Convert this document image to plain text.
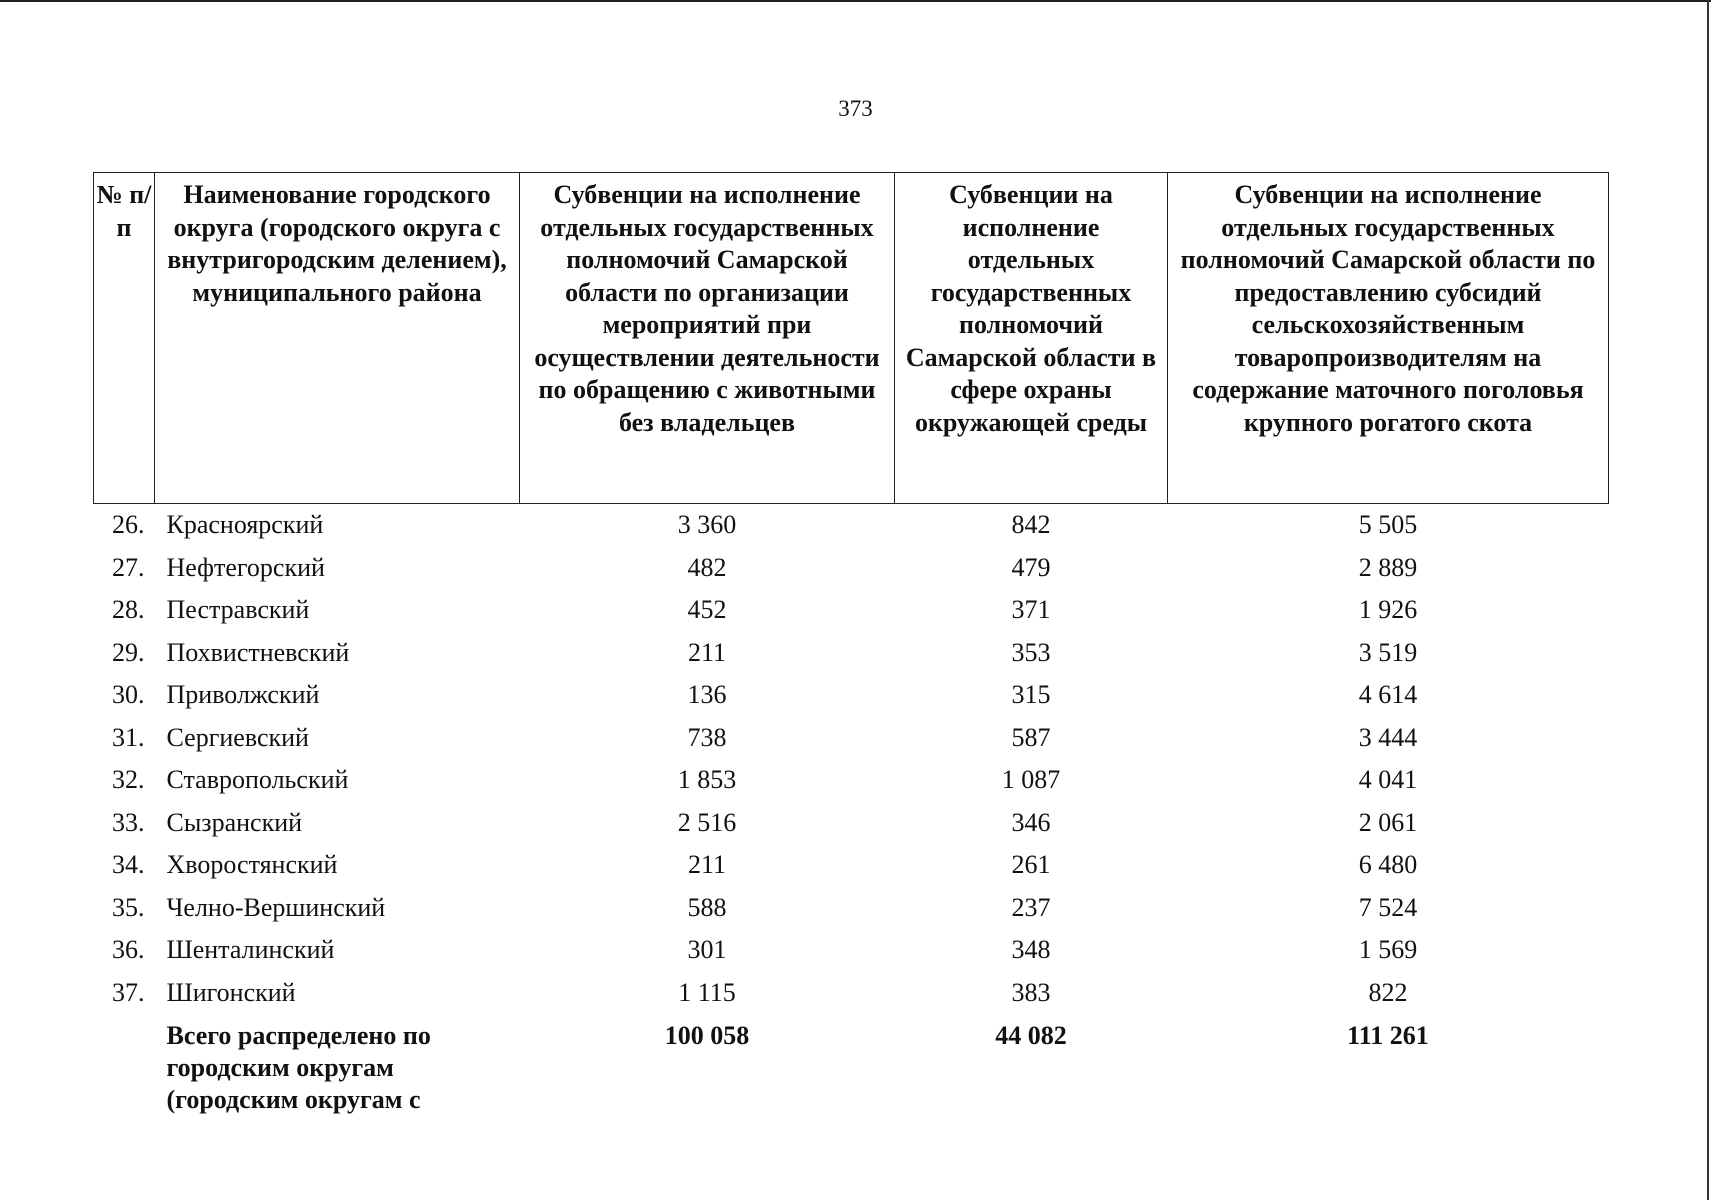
373
№ п/п	Наименование городского округа (городского округа с внутригородским делением), муниципального района	Субвенции на исполнение отдельных государственных полномочий Самарской области по организации мероприятий при осуществлении деятельности по обращению с животными без владельцев	Субвенции на исполнение отдельных государственных полномочий Самарской области в сфере охраны окружающей среды	Субвенции на исполнение отдельных государственных полномочий Самарской области по предоставлению субсидий сельскохозяйственным товаропроизводителям на содержание маточного поголовья крупного рогатого скота
26.	Красноярский	3 360	842	5 505
27.	Нефтегорский	482	479	2 889
28.	Пестравский	452	371	1 926
29.	Похвистневский	211	353	3 519
30.	Приволжский	136	315	4 614
31.	Сергиевский	738	587	3 444
32.	Ставропольский	1 853	1 087	4 041
33.	Сызранский	2 516	346	2 061
34.	Хворостянский	211	261	6 480
35.	Челно-Вершинский	588	237	7 524
36.	Шенталинский	301	348	1 569
37.	Шигонский	1 115	383	822
	Всего распределено по городским округам (городским округам с	100 058	44 082	111 261
